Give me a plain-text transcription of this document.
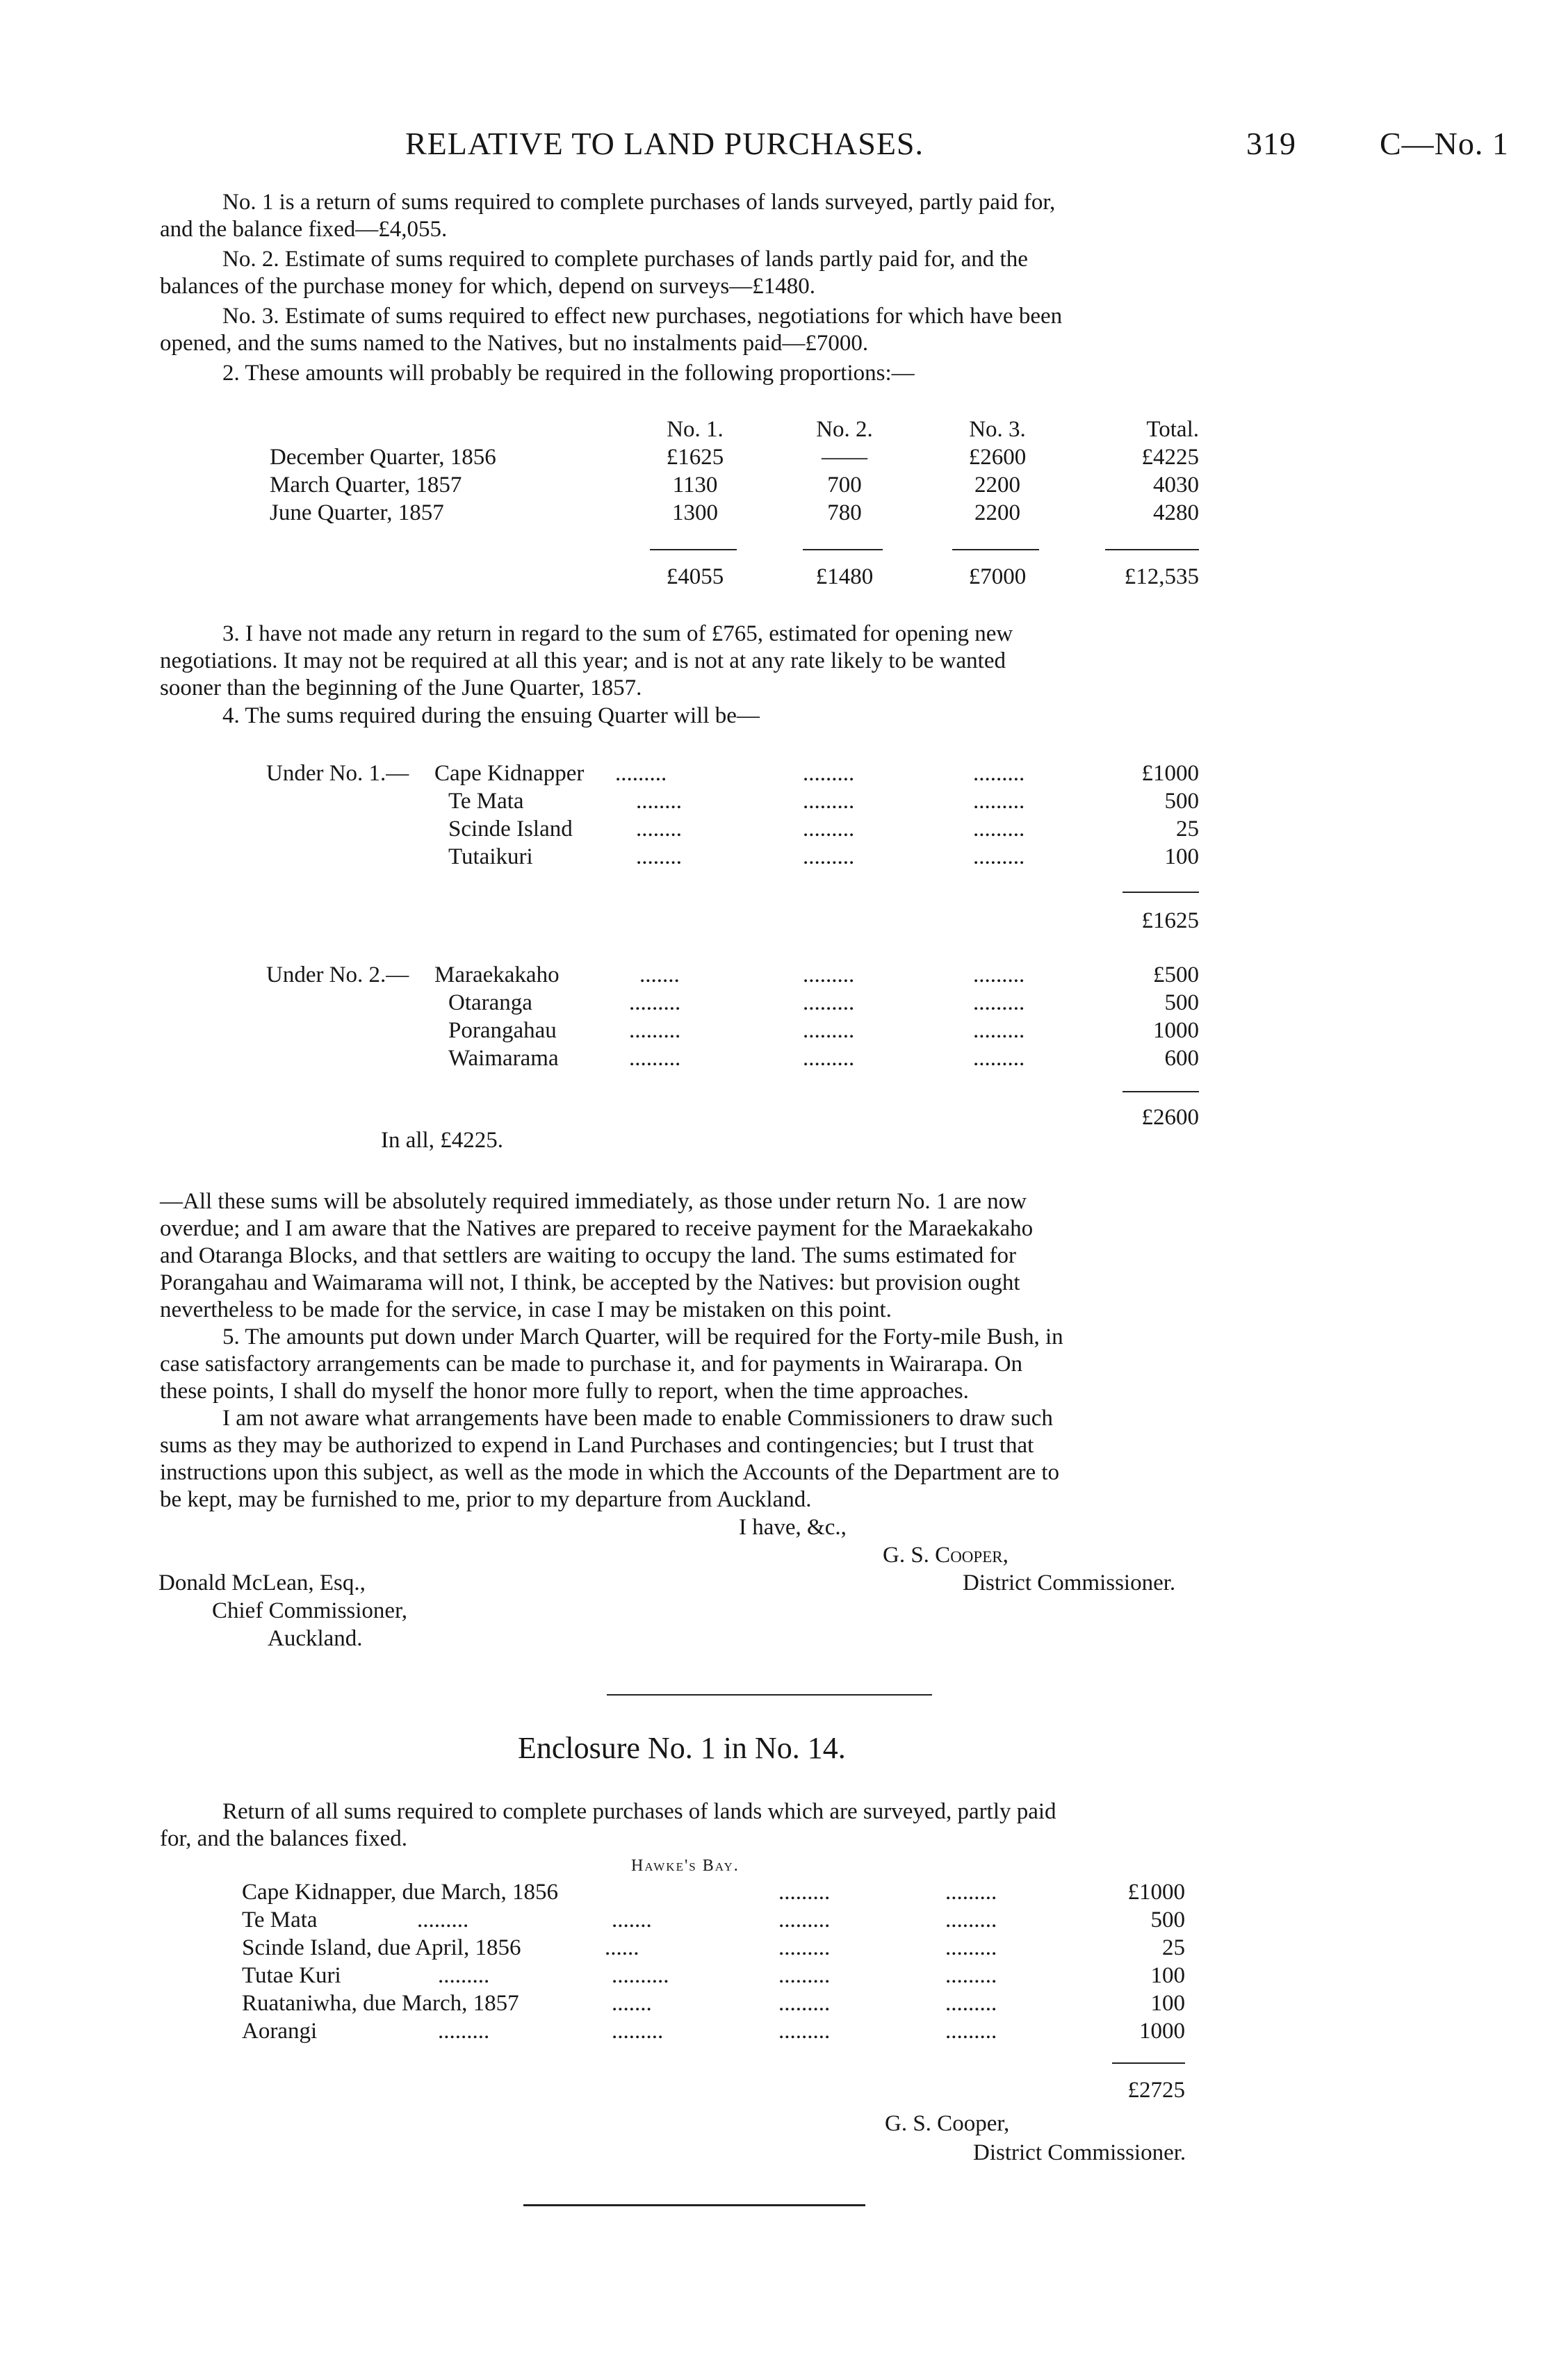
RELATIVE TO LAND PURCHASES.	319	C—No. 1
No. 1 is a return of sums required to complete purchases of lands surveyed, partly paid for,
and the balance fixed—£4,055.
No. 2. Estimate of sums required to complete purchases of lands partly paid for, and the
balances of the purchase money for which, depend on surveys—£1480.
No. 3. Estimate of sums required to effect new purchases, negotiations for which have been
opened, and the sums named to the Natives, but no instalments paid—£7000.
2. These amounts will probably be required in the following proportions:—
No. 1.	No. 2.	No. 3.	Total.
December Quarter, 1856	£1625	——	£2600	£4225
March Quarter, 1857	1130	700	2200	4030
June Quarter, 1857	1300	780	2200	4280
£4055	£1480	£7000	£12,535
3. I have not made any return in regard to the sum of £765, estimated for opening new
negotiations. It may not be required at all this year; and is not at any rate likely to be wanted
sooner than the beginning of the June Quarter, 1857.
4. The sums required during the ensuing Quarter will be—
Under No. 1.— Cape Kidnapper .........	.........	.........	£1000
Te Mata	........	.........	.........	500
Scinde Island	........	.........	.........	25
Tutaikuri	........	.........	.........	100
£1625
Under No. 2.— Maraekakaho	.......	.........	.........	£500
Otaranga	.........	.........	.........	500
Porangahau	.........	.........	.........	1000
Waimarama	.........	.........	.........	600
£2600
In all, £4225.
—All these sums will be absolutely required immediately, as those under return No. 1 are now
overdue; and I am aware that the Natives are prepared to receive payment for the Maraekakaho
and Otaranga Blocks, and that settlers are waiting to occupy the land. The sums estimated for
Porangahau and Waimarama will not, I think, be accepted by the Natives: but provision ought
nevertheless to be made for the service, in case I may be mistaken on this point.
5. The amounts put down under March Quarter, will be required for the Forty-mile Bush, in
case satisfactory arrangements can be made to purchase it, and for payments in Wairarapa. On
these points, I shall do myself the honor more fully to report, when the time approaches.
I am not aware what arrangements have been made to enable Commissioners to draw such
sums as they may be authorized to expend in Land Purchases and contingencies; but I trust that
instructions upon this subject, as well as the mode in which the Accounts of the Department are to
be kept, may be furnished to me, prior to my departure from Auckland.
I have, &c.,
G. S. Cooper,
District Commissioner.
Donald McLean, Esq.,
Chief Commissioner,
Auckland.
Enclosure No. 1 in No. 14.
Return of all sums required to complete purchases of lands which are surveyed, partly paid
for, and the balances fixed.
Hawke's Bay.
Cape Kidnapper, due March, 1856	.........	.........	£1000
Te Mata	.........	.......	.........	.........	500
Scinde Island, due April, 1856	......	.........	.........	25
Tutae Kuri	.........	..........	.........	.........	100
Ruataniwha, due March, 1857	.......	.........	.........	100
Aorangi	.........	.........	.........	.........	1000
£2725
G. S. Cooper,
District Commissioner.
